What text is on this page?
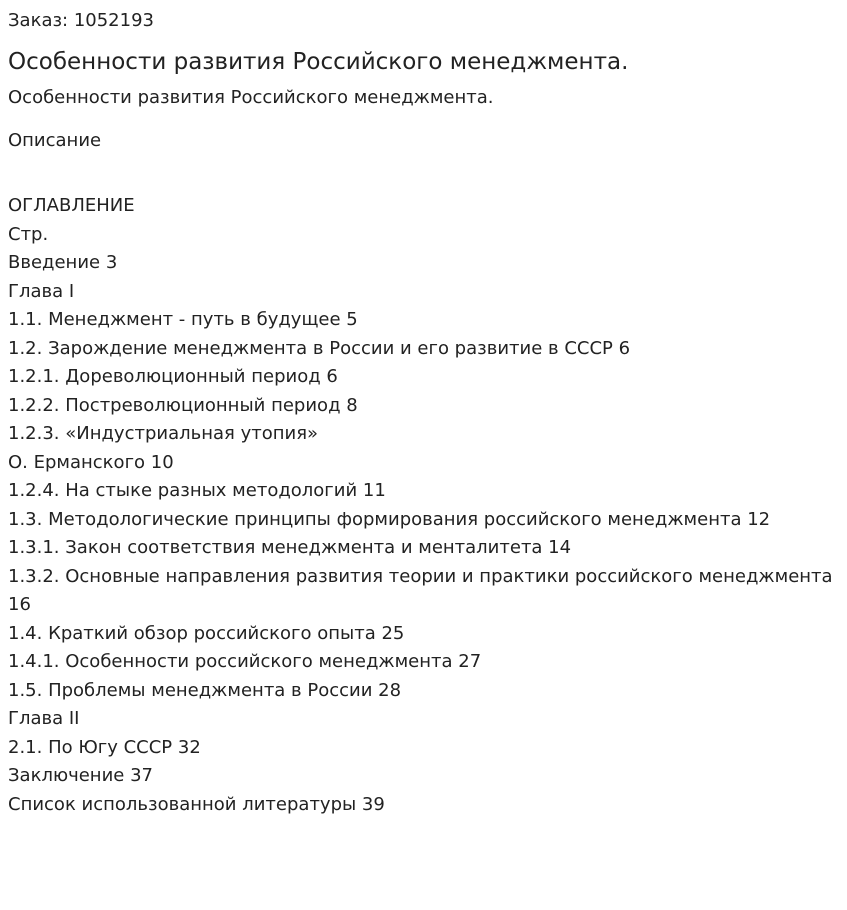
Заказ: 1052193

Особенности развития Российского менеджмента.

Особенности развития Российского менеджмента.

Описание

ОГЛАВЛЕНИЕ
Стр.
Введение 3
Глава I
1.1. Менеджмент - путь в будущее 5
1.2. Зарождение менеджмента в России и его развитие в СССР 6
1.2.1. Дореволюционный период 6
1.2.2. Постреволюционный период 8
1.2.3. «Индустриальная утопия»
О. Ерманского 10
1.2.4. На стыке разных методологий 11
1.3. Методологические принципы формирования российского менеджмента 12
1.3.1. Закон соответствия менеджмента и менталитета 14
1.3.2. Основные направления развития теории и практики российского менеджмента 16
1.4. Краткий обзор российского опыта 25
1.4.1. Особенности российского менеджмента 27
1.5. Проблемы менеджмента в России 28
Глава II
2.1. По Югу СССР 32
Заключение 37
Список использованной литературы 39
